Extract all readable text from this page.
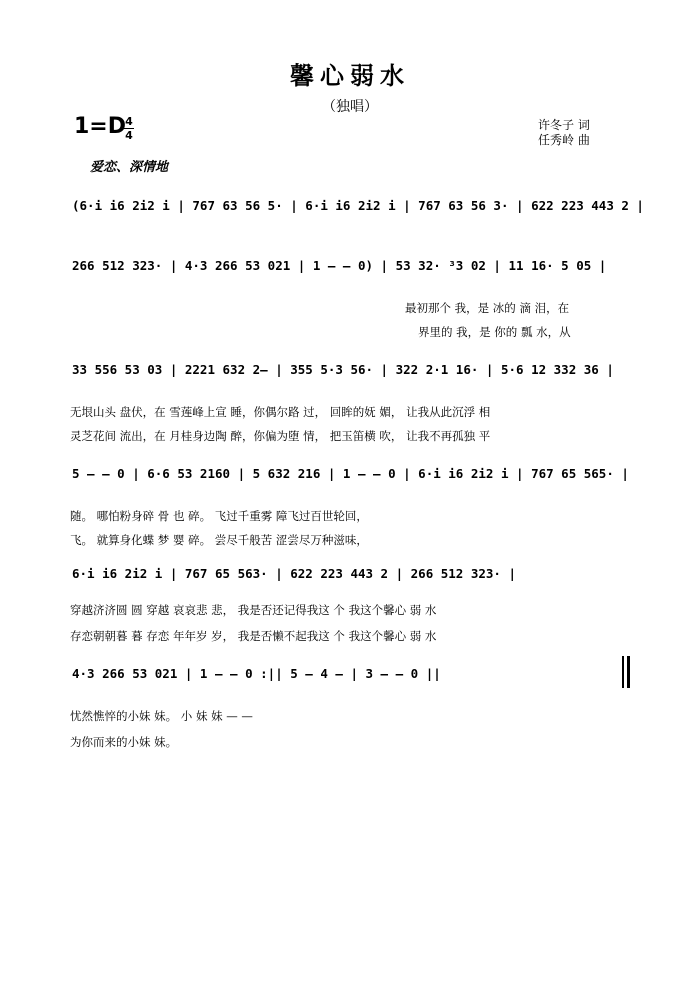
馨心弱水
（独唱）
1=D 4
4
许冬子 词
任秀岭 曲
爱恋、深情地
(6·i i6 2i2 i | 767 63 56 5· | 6·i i6 2i2 i | 767 63 56 3· | 622 223 443 2 |
266 512 323· | 4·3 266 53 021 | 1 – – 0) | 53 32· ³3 02 | 11 16· 5 05 |
最初那个 我，是 冰的 滴 泪，在
界里的 我，是 你的 瓢 水，从
33 556 53 03 | 2221 632 2– | 355 5·3 56· | 322 2·1 16· | 5·6 12 332 36 |
无垠山头 盘伏，在 雪莲峰上宣 睡，你偶尔路 过， 回眸的妩 媚， 让我从此沉浮 相
灵芝花间 流出，在 月桂身边陶 醉，你偏为堕 情， 把玉笛横 吹， 让我不再孤独 平
5 – – 0 | 6·6 53 2160 | 5 632 216 | 1 – – 0 | 6·i i6 2i2 i | 767 65 565· |
随。 哪怕粉身碎 骨 也 碎。 飞过千重雾 障飞过百世轮回，
飞。 就算身化蝶 梦 婴 碎。 尝尽千般苦 涩尝尽万种滋味，
6·i i6 2i2 i | 767 65 563· | 622 223 443 2 | 266 512 323· |
穿越济济圆 圆 穿越 哀哀悲 悲， 我是否还记得我这 个 我这个馨心 弱 水
存恋朝朝暮 暮 存恋 年年岁 岁， 我是否懒不起我这 个 我这个馨心 弱 水
4·3 266 53 021 | 1 – – 0 :|| 5 – 4 – | 3 – – 0 ||
忧然憔悴的小妹 妹。 小 妹 妹 — —
为你而来的小妹 妹。
